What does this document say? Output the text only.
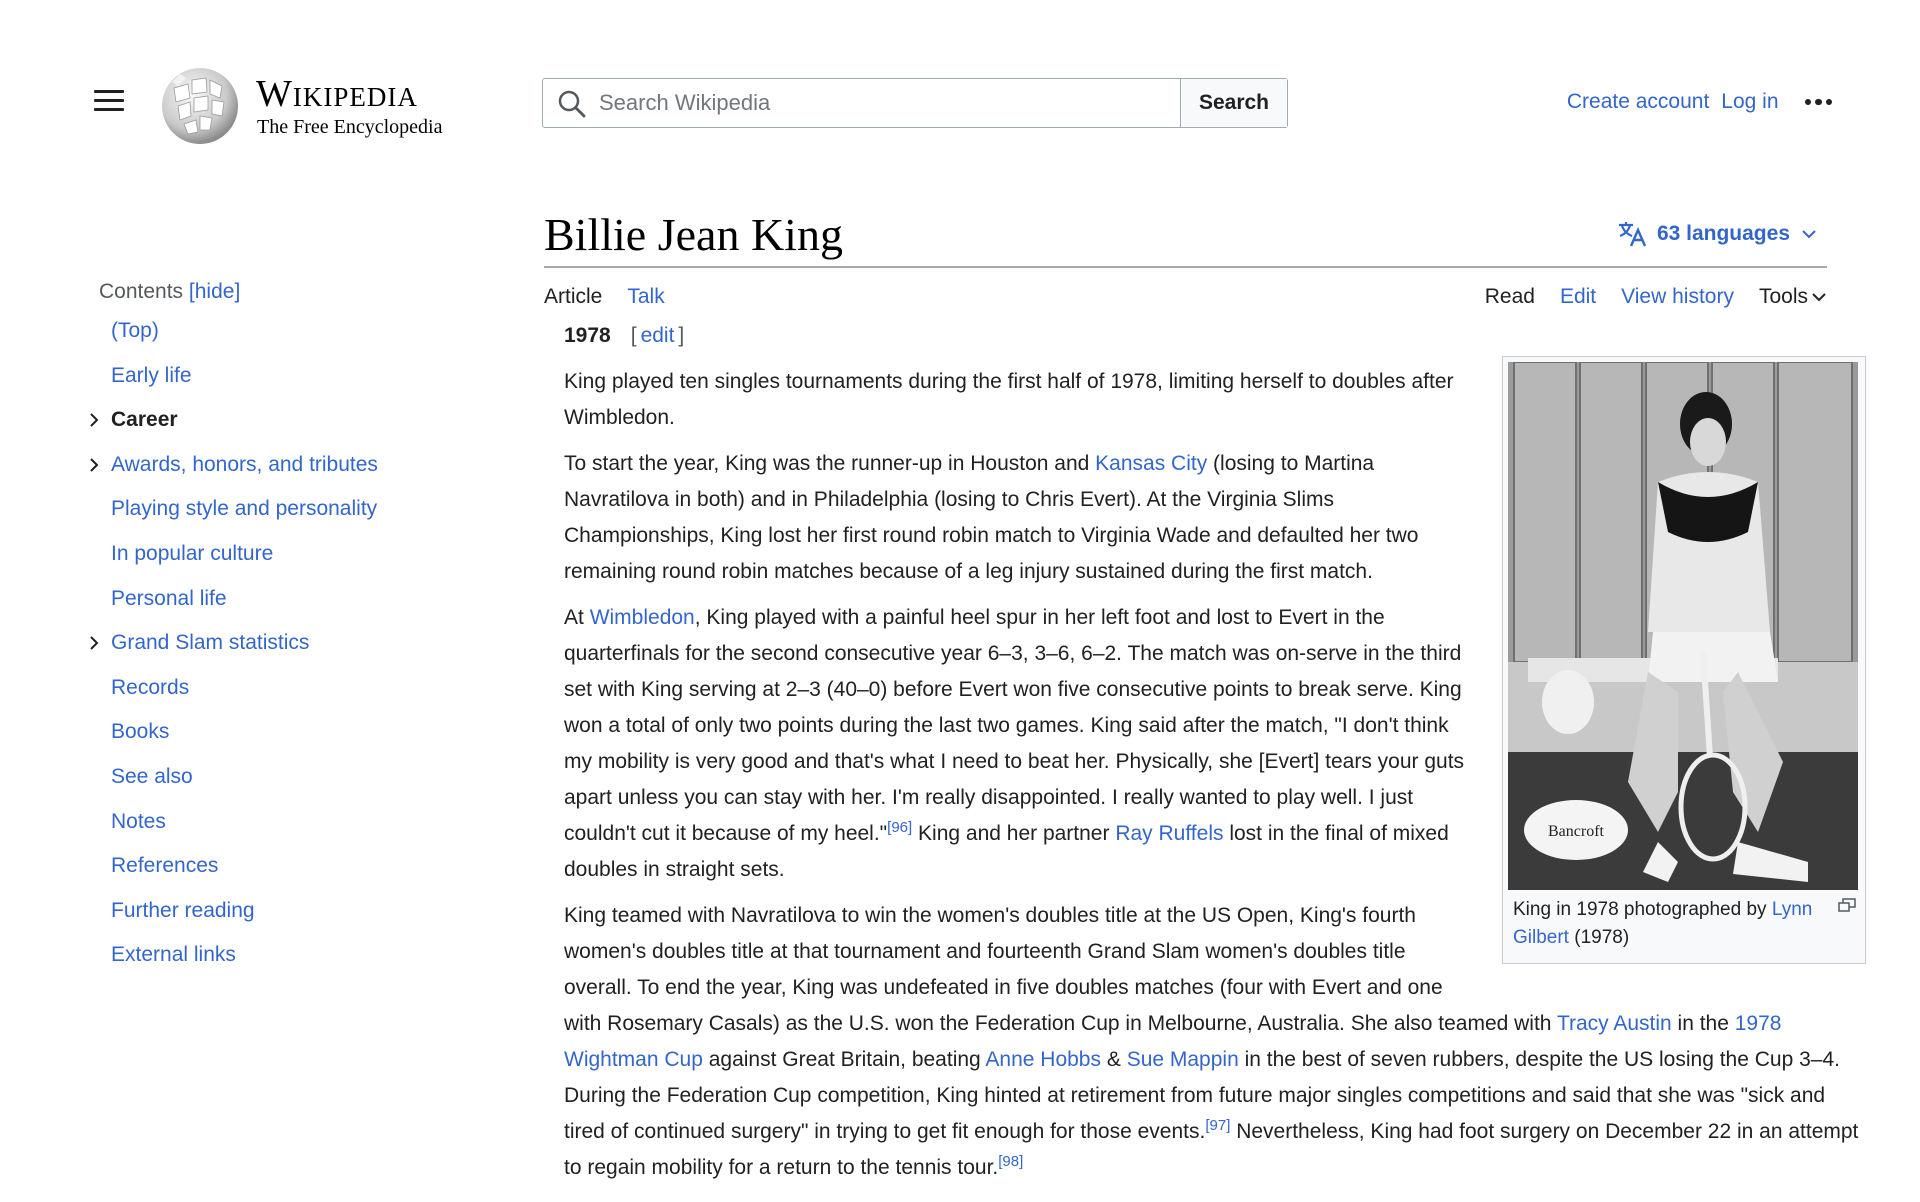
Wikipedia
The Free Encyclopedia
Search Wikipedia
Search	Create account Log in
Contents [hide]
(Top)
Early life
Career
Awards, honors, and tributes
Playing style and personality
In popular culture
Personal life
Grand Slam statistics
Records
Books
See also
Notes
References
Further reading
External links
Billie Jean King	63 languages
Article Talk	Read Edit View history Tools
1978 [ edit ]
Bancroft
King in 1978 photographed by Lynn Gilbert (1978)

King played ten singles tournaments during the first half of 1978, limiting herself to doubles after Wimbledon.

To start the year, King was the runner-up in Houston and Kansas City (losing to Martina Navratilova in both) and in Philadelphia (losing to Chris Evert). At the Virginia Slims Championships, King lost her first round robin match to Virginia Wade and defaulted her two remaining round robin matches because of a leg injury sustained during the first match.

At Wimbledon, King played with a painful heel spur in her left foot and lost to Evert in the quarterfinals for the second consecutive year 6–3, 3–6, 6–2. The match was on-serve in the third set with King serving at 2–3 (40–0) before Evert won five consecutive points to break serve. King won a total of only two points during the last two games. King said after the match, "I don't think my mobility is very good and that's what I need to beat her. Physically, she [Evert] tears your guts apart unless you can stay with her. I'm really disappointed. I really wanted to play well. I just couldn't cut it because of my heel."[96] King and her partner Ray Ruffels lost in the final of mixed doubles in straight sets.

King teamed with Navratilova to win the women's doubles title at the US Open, King's fourth women's doubles title at that tournament and fourteenth Grand Slam women's doubles title overall. To end the year, King was undefeated in five doubles matches (four with Evert and one with Rosemary Casals) as the U.S. won the Federation Cup in Melbourne, Australia. She also teamed with Tracy Austin in the 1978 Wightman Cup against Great Britain, beating Anne Hobbs & Sue Mappin in the best of seven rubbers, despite the US losing the Cup 3–4. During the Federation Cup competition, King hinted at retirement from future major singles competitions and said that she was "sick and tired of continued surgery" in trying to get fit enough for those events.[97] Nevertheless, King had foot surgery on December 22 in an attempt to regain mobility for a return to the tennis tour.[98]
